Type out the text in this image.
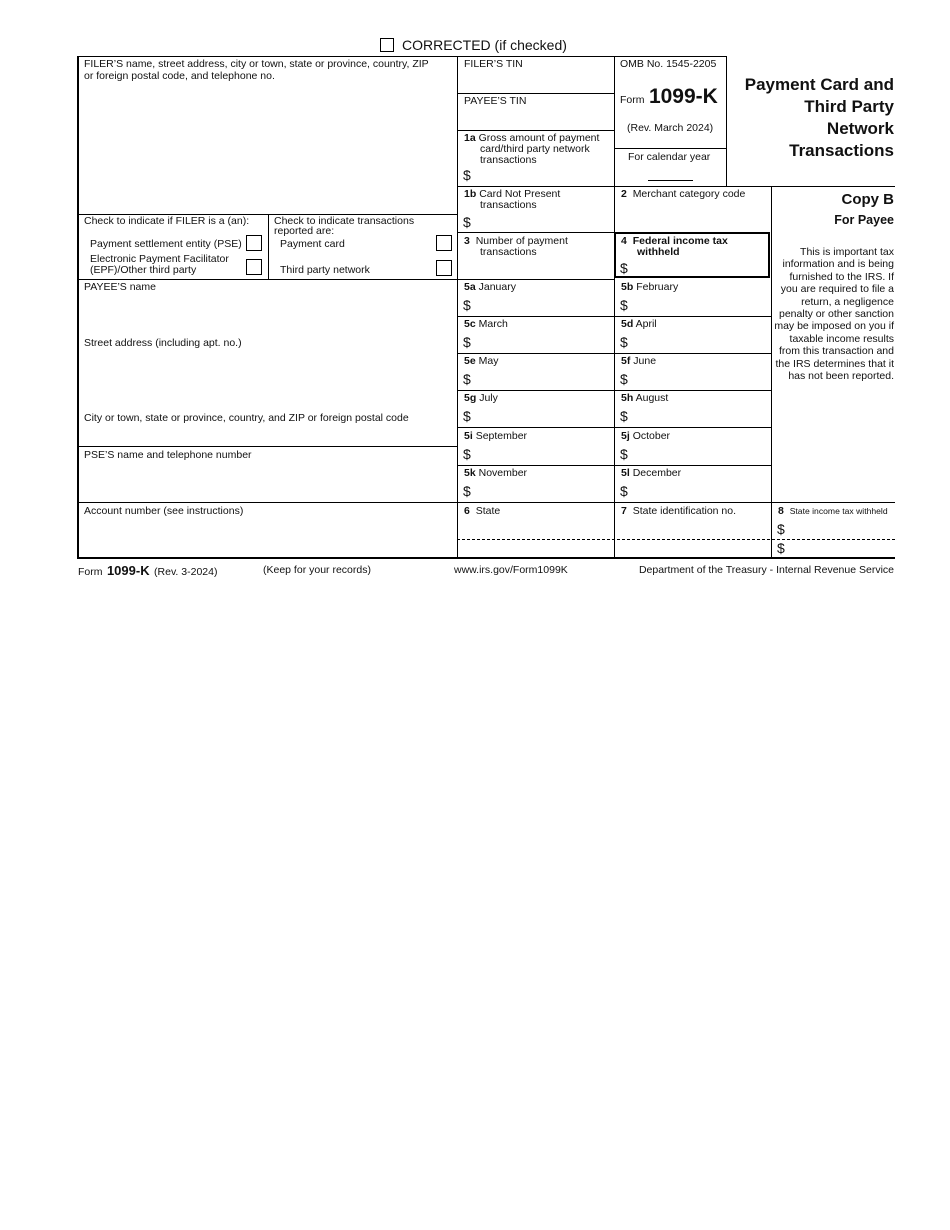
CORRECTED (if checked)
FILER’S name, street address, city or town, state or province, country, ZIP
or foreign postal code, and telephone no.
FILER’S TIN
PAYEE’S TIN
1a Gross amount of payment
card/third party network
transactions
$
OMB No. 1545-2205
Form 1099-K
(Rev. March 2024)
For calendar year
Payment Card and
Third Party
Network
Transactions
1b Card Not Present
transactions
$
2 Merchant category code	Copy B
For Payee
This is important tax information and is being furnished to the IRS. If you are required to file a return, a negligence penalty or other sanction may be imposed on you if taxable income results from this transaction and the IRS determines that it has not been reported.
Check to indicate if FILER is a (an):
Payment settlement entity (PSE)
Electronic Payment Facilitator
(EPF)/Other third party
Check to indicate transactions
reported are:
Payment card
Third party network
3 Number of payment
transactions
4 Federal income tax
withheld
$
PAYEE’S name
Street address (including apt. no.)
City or town, state or province, country, and ZIP or foreign postal code
PSE’S name and telephone number
Account number (see instructions)
5a January
$
5b February
$
5c March
$
5d April
$
5e May
$
5f June
$
5g July
$
5h August
$
5i September
$
5j October
$
5k November
$
5l December
$
6 State	7 State identification no.	8 State income tax withheld
$
$
Form 1099-K (Rev. 3-2024)	(Keep for your records)	www.irs.gov/Form1099K	Department of the Treasury - Internal Revenue Service
